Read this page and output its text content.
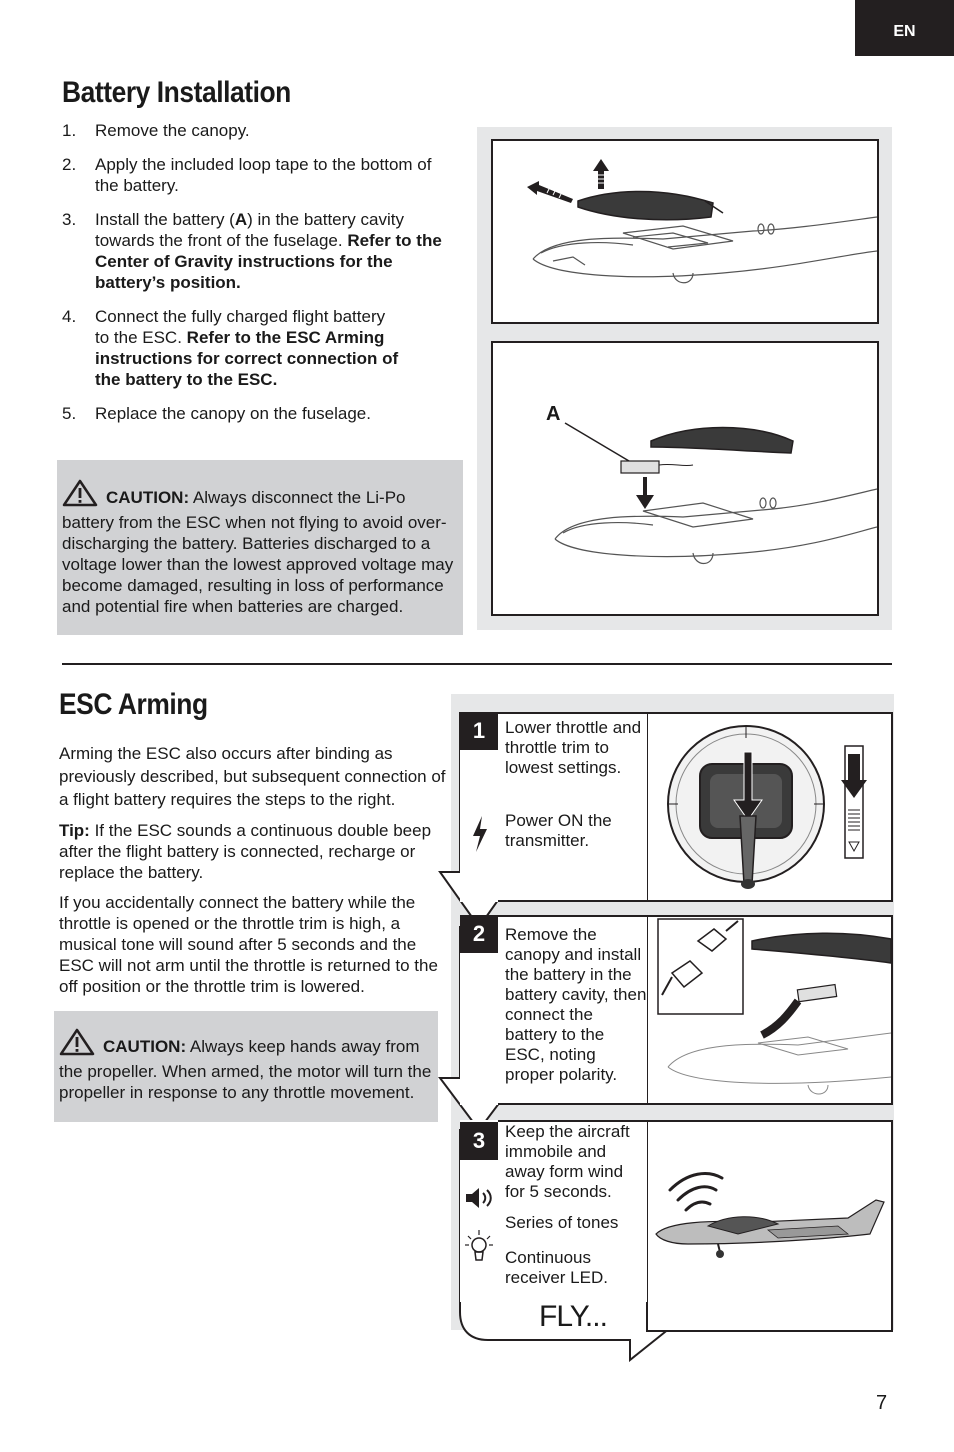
EN
Battery Installation
1.	Remove the canopy.
2.	Apply the included loop tape to the bottom of the battery.
3.	Install the battery (A) in the battery cavity towards the front of the fuselage. Refer to the Center of Gravity instructions for the battery’s position.
4.	Connect the fully charged flight battery to the ESC. Refer to the ESC Arming instructions for correct connection of the battery to the ESC.
5.	Replace the canopy on the fuselage.
CAUTION: Always disconnect the Li-Po battery from the ESC when not flying to avoid over-discharging the battery. Batteries discharged to a voltage lower than the lowest approved voltage may become damaged, resulting in loss of performance and potential fire when batteries are charged.
A
ESC Arming

Arming the ESC also occurs after binding as previously described, but subsequent connection of a flight battery requires the steps to the right.

Tip: If the ESC sounds a continuous double beep after the flight battery is connected, recharge or replace the battery.

If you accidentally connect the battery while the throttle is opened or the throttle trim is high, a musical tone will sound after 5 seconds and the ESC will not arm until the throttle is returned to the off position or the throttle trim is lowered.

CAUTION: Always keep hands away from the propeller. When armed, the motor will turn the propeller in response to any throttle movement.
1	Lower throttle and throttle trim to lowest settings.
Power ON the transmitter.
2	Remove the canopy and install the battery in the battery cavity, then connect the battery to the ESC, noting proper polarity.
3	Keep the aircraft immobile and away form wind for 5 seconds.
Series of tones
Continuous receiver LED.
FLY...
7
